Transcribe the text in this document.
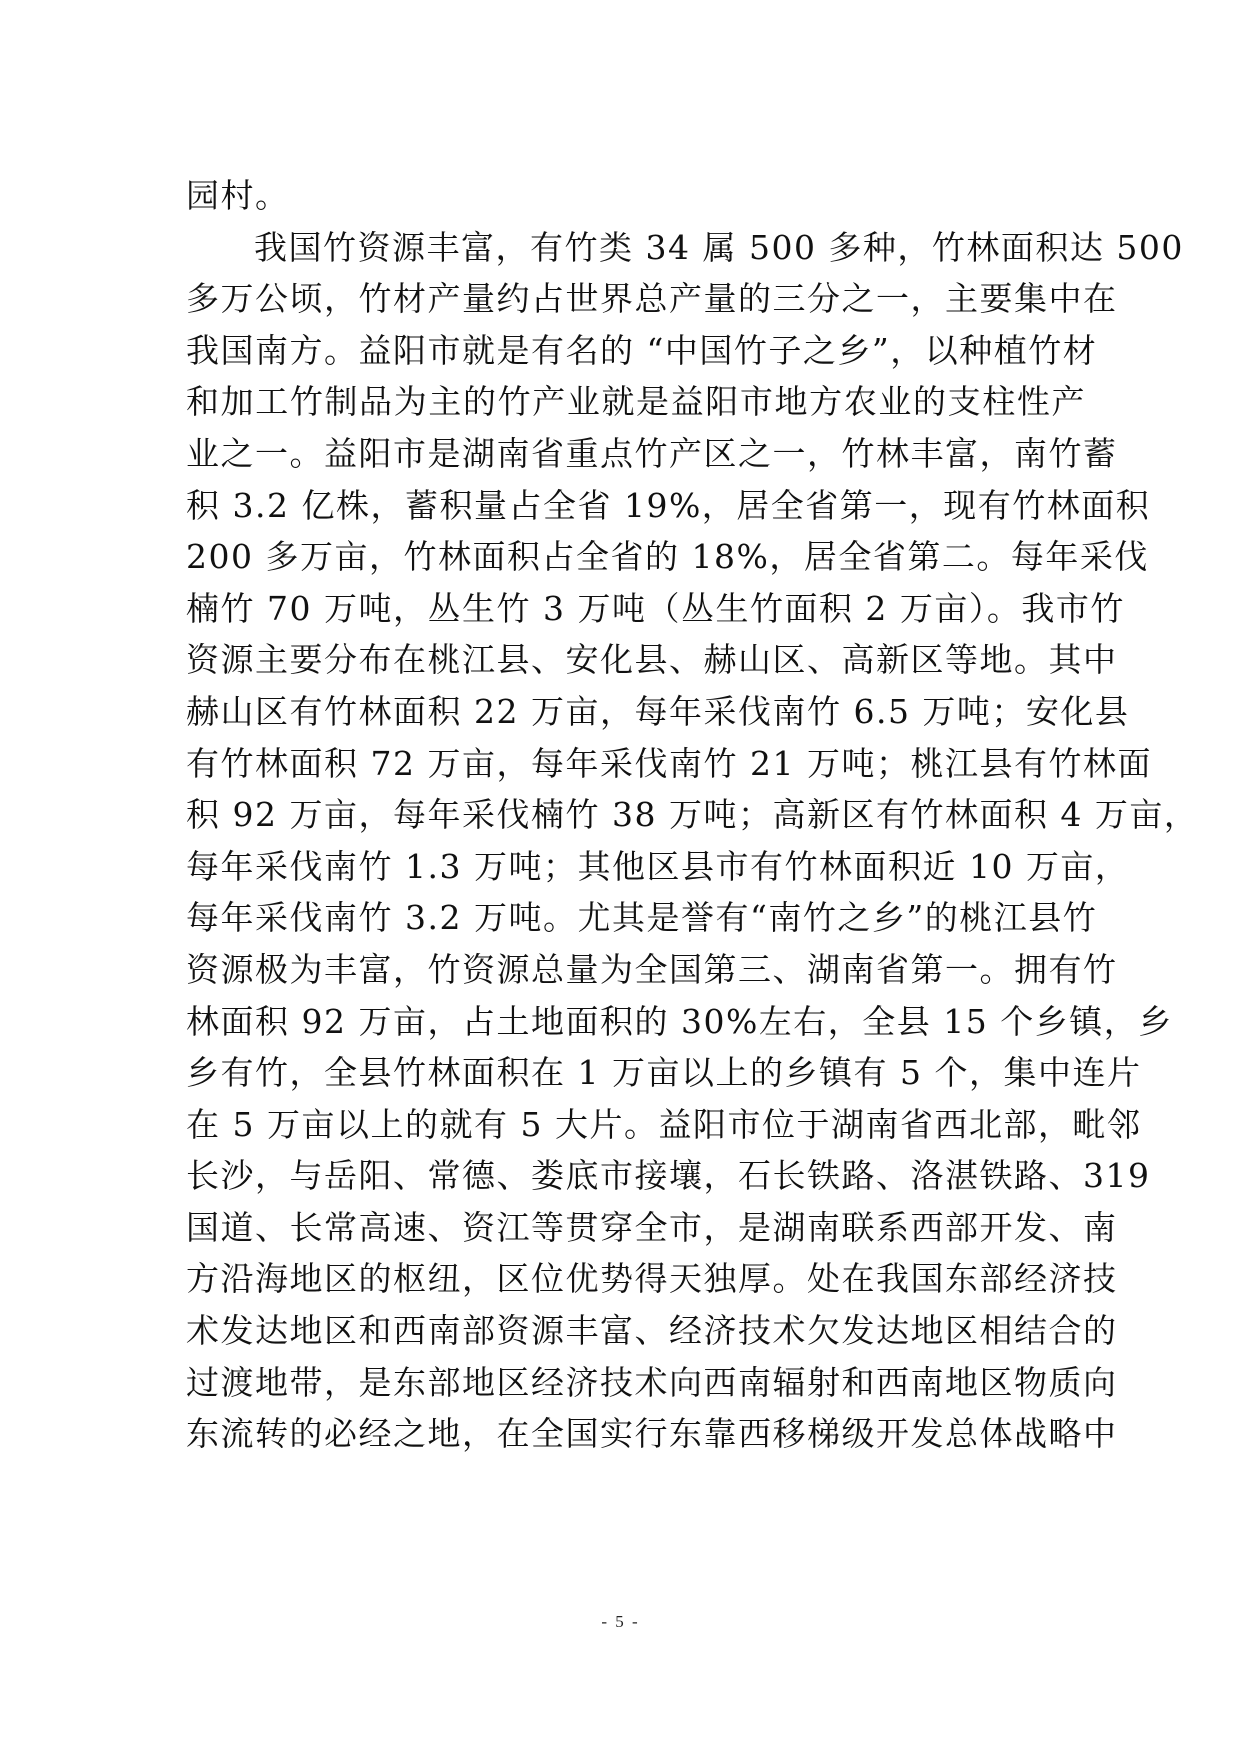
园村。
我国竹资源丰富，有竹类 34 属 500 多种，竹林面积达 500
多万公顷，竹材产量约占世界总产量的三分之一，主要集中在
我国南方。益阳市就是有名的 “中国竹子之乡”，以种植竹材
和加工竹制品为主的竹产业就是益阳市地方农业的支柱性产
业之一。益阳市是湖南省重点竹产区之一，竹林丰富，南竹蓄
积 3.2 亿株，蓄积量占全省 19%，居全省第一，现有竹林面积
200 多万亩，竹林面积占全省的 18%，居全省第二。每年采伐
楠竹 70 万吨，丛生竹 3 万吨（丛生竹面积 2 万亩）。我市竹
资源主要分布在桃江县、安化县、赫山区、高新区等地。其中
赫山区有竹林面积 22 万亩，每年采伐南竹 6.5 万吨；安化县
有竹林面积 72 万亩，每年采伐南竹 21 万吨；桃江县有竹林面
积 92 万亩，每年采伐楠竹 38 万吨；高新区有竹林面积 4 万亩，
每年采伐南竹 1.3 万吨；其他区县市有竹林面积近 10 万亩，
每年采伐南竹 3.2 万吨。尤其是誉有“南竹之乡”的桃江县竹
资源极为丰富，竹资源总量为全国第三、湖南省第一。拥有竹
林面积 92 万亩，占土地面积的 30%左右，全县 15 个乡镇，乡
乡有竹，全县竹林面积在 1 万亩以上的乡镇有 5 个，集中连片
在 5 万亩以上的就有 5 大片。益阳市位于湖南省西北部，毗邻
长沙，与岳阳、常德、娄底市接壤，石长铁路、洛湛铁路、319
国道、长常高速、资江等贯穿全市，是湖南联系西部开发、南
方沿海地区的枢纽，区位优势得天独厚。处在我国东部经济技
术发达地区和西南部资源丰富、经济技术欠发达地区相结合的
过渡地带，是东部地区经济技术向西南辐射和西南地区物质向
东流转的必经之地，在全国实行东靠西移梯级开发总体战略中
- 5 -
